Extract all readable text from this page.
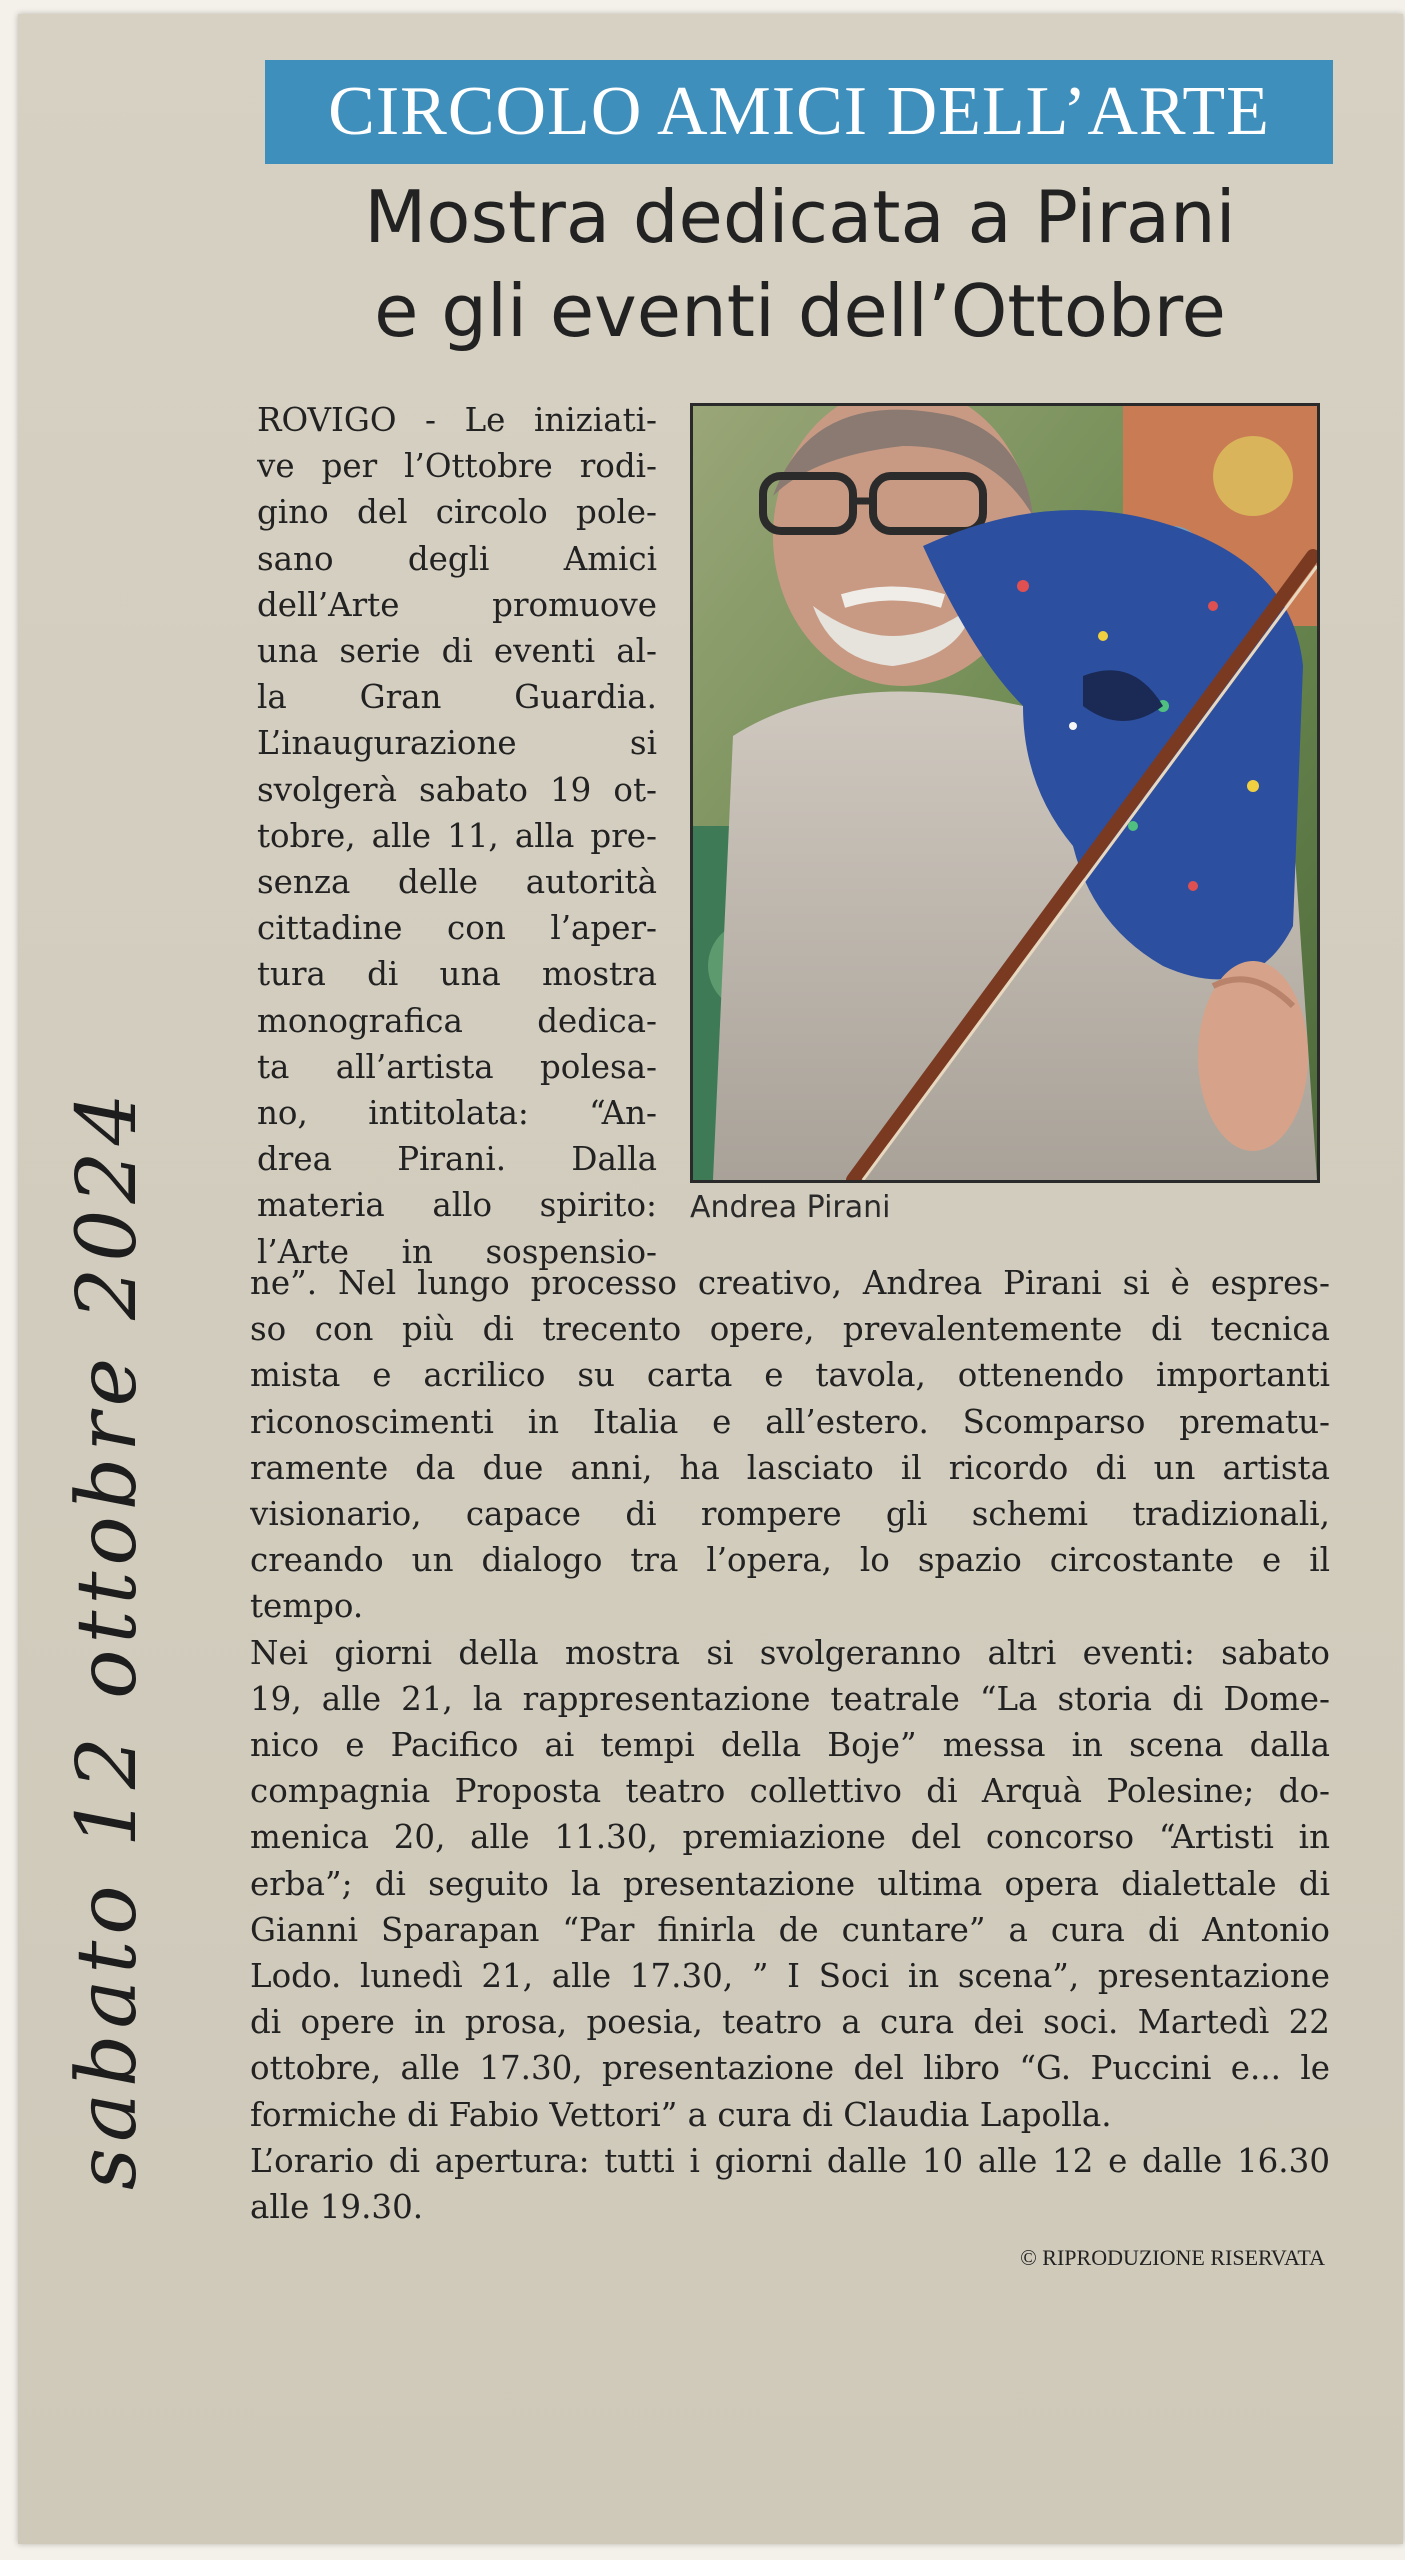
CIRCOLO AMICI DELL’ARTE
Mostra dedicata a Pirani
e gli eventi dell’Ottobre
Andrea Pirani
ROVIGO - Le iniziati-
ve per l’Ottobre rodi-
gino del circolo pole-
sano degli Amici
dell’Arte promuove
una serie di eventi al-
la Gran Guardia.
L’inaugurazione si
svolgerà sabato 19 ot-
tobre, alle 11, alla pre-
senza delle autorità
cittadine con l’aper-
tura di una mostra
monografica dedica-
ta all’artista polesa-
no, intitolata: “An-
drea Pirani. Dalla
materia allo spirito:
l’Arte in sospensio-
ne”. Nel lungo processo creativo, Andrea Pirani si è espres-
so con più di trecento opere, prevalentemente di tecnica
mista e acrilico su carta e tavola, ottenendo importanti
riconoscimenti in Italia e all’estero. Scomparso prematu-
ramente da due anni, ha lasciato il ricordo di un artista
visionario, capace di rompere gli schemi tradizionali,
creando un dialogo tra l’opera, lo spazio circostante e il
tempo.
Nei giorni della mostra si svolgeranno altri eventi: sabato
19, alle 21, la rappresentazione teatrale “La storia di Dome-
nico e Pacifico ai tempi della Boje” messa in scena dalla
compagnia Proposta teatro collettivo di Arquà Polesine; do-
menica 20, alle 11.30, premiazione del concorso “Artisti in
erba”; di seguito la presentazione ultima opera dialettale di
Gianni Sparapan “Par finirla de cuntare” a cura di Antonio
Lodo. lunedì 21, alle 17.30, ” I Soci in scena”, presentazione
di opere in prosa, poesia, teatro a cura dei soci. Martedì 22
ottobre, alle 17.30, presentazione del libro “G. Puccini e... le
formiche di Fabio Vettori” a cura di Claudia Lapolla.
L’orario di apertura: tutti i giorni dalle 10 alle 12 e dalle 16.30
alle 19.30.
© RIPRODUZIONE RISERVATA
sabato 12 ottobre 2024
